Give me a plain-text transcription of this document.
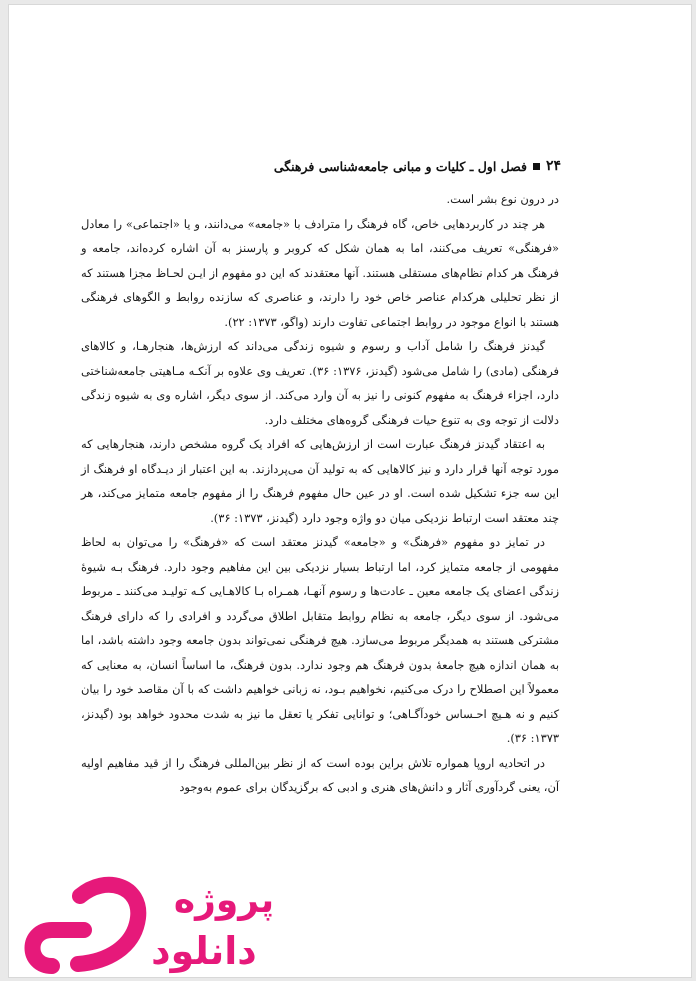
۲۴
فصل اول ـ کلیات و مبانی جامعه‌شناسی فرهنگی

در درون نوع بشر است.

هر چند در کاربردهایی خاص، گاه فرهنگ را مترادف با «جامعه» می‌دانند، و یا «اجتماعی» را معادل «فرهنگی» تعریف می‌کنند، اما به همان شکل که کروبر و پارسنز به آن اشاره کرده‌اند، جامعه و فرهنگ هر کدام نظام‌های مستقلی هستند. آنها معتقدند که این دو مفهوم از ایـن لحـاظ مجزا هستند که از نظر تحلیلی هرکدام عناصر خاص خود را دارند، و عناصری که سازنده روابط و الگوهای فرهنگی هستند با انواع موجود در روابط اجتماعی تفاوت دارند (واگو، ۱۳۷۳: ۲۲).

گیدنز فرهنگ را شامل آداب و رسوم و شیوه زندگی می‌داند که ارزش‌ها، هنجارهـا، و کالاهای فرهنگی (مادی) را شامل می‌شود (گیدنز، ۱۳۷۶: ۳۶). تعریف وی علاوه بر آنکـه مـاهیتی جامعه‌شناختی دارد، اجزاء فرهنگ به مفهوم کنونی را نیز به آن وارد می‌کند. از سوی دیگر، اشاره وی به شیوه زندگی دلالت از توجه وی به تنوع حیات فرهنگی گروه‌های مختلف دارد.

به اعتقاد گیدنز فرهنگ عبارت است از ارزش‌هایی که افراد یک گروه مشخص دارند، هنجارهایی که مورد توجه آنها قرار دارد و نیز کالاهایی که به تولید آن می‌پردازند. به این اعتبار از دیـدگاه او فرهنگ از این سه جزء تشکیل شده است. او در عین حال مفهوم فرهنگ را از مفهوم جامعه متمایز می‌کند، هر چند معتقد است ارتباط نزدیکی میان دو واژه وجود دارد (گیدنز، ۱۳۷۳: ۳۶).

در تمایز دو مفهوم «فرهنگ» و «جامعه» گیدنز معتقد است که «فرهنگ» را می‌توان به لحاظ مفهومی از جامعه متمایز کرد، اما ارتباط بسیار نزدیکی بین این مفاهیم وجود دارد. فرهنگ بـه شیوهٔ زندگی اعضای یک جامعه معین ـ عادت‌ها و رسوم آنهـا، همـراه بـا کالاهـایی کـه تولیـد می‌کنند ـ مربوط می‌شود. از سوی دیگر، جامعه به نظام روابط متقابل اطلاق می‌گردد و افرادی را که دارای فرهنگ مشترکی هستند به همدیگر مربوط می‌سازد. هیچ فرهنگی نمی‌تواند بدون جامعه وجود داشته باشد، اما به همان اندازه هیچ جامعهٔ بدون فرهنگ هم وجود ندارد. بدون فرهنگ، ما اساساً انسان، به معنایی که معمولاً این اصطلاح را درک می‌کنیم، نخواهیم بـود، نه زبانی خواهیم داشت که با آن مقاصد خود را بیان کنیم و نه هـیچ احـساس خودآگـاهی؛ و توانایی تفکر یا تعقل ما نیز به شدت محدود خواهد بود (گیدنز، ۱۳۷۳: ۳۶).

در اتحادیه اروپا همواره تلاش براین بوده است که از نظر بین‌المللی فرهنگ را از قید مفاهیم اولیه آن، یعنی گردآوری آثار و دانش‌های هنری و ادبی که برگزیدگان برای عموم به‌وجود

پروژه
دانلود
